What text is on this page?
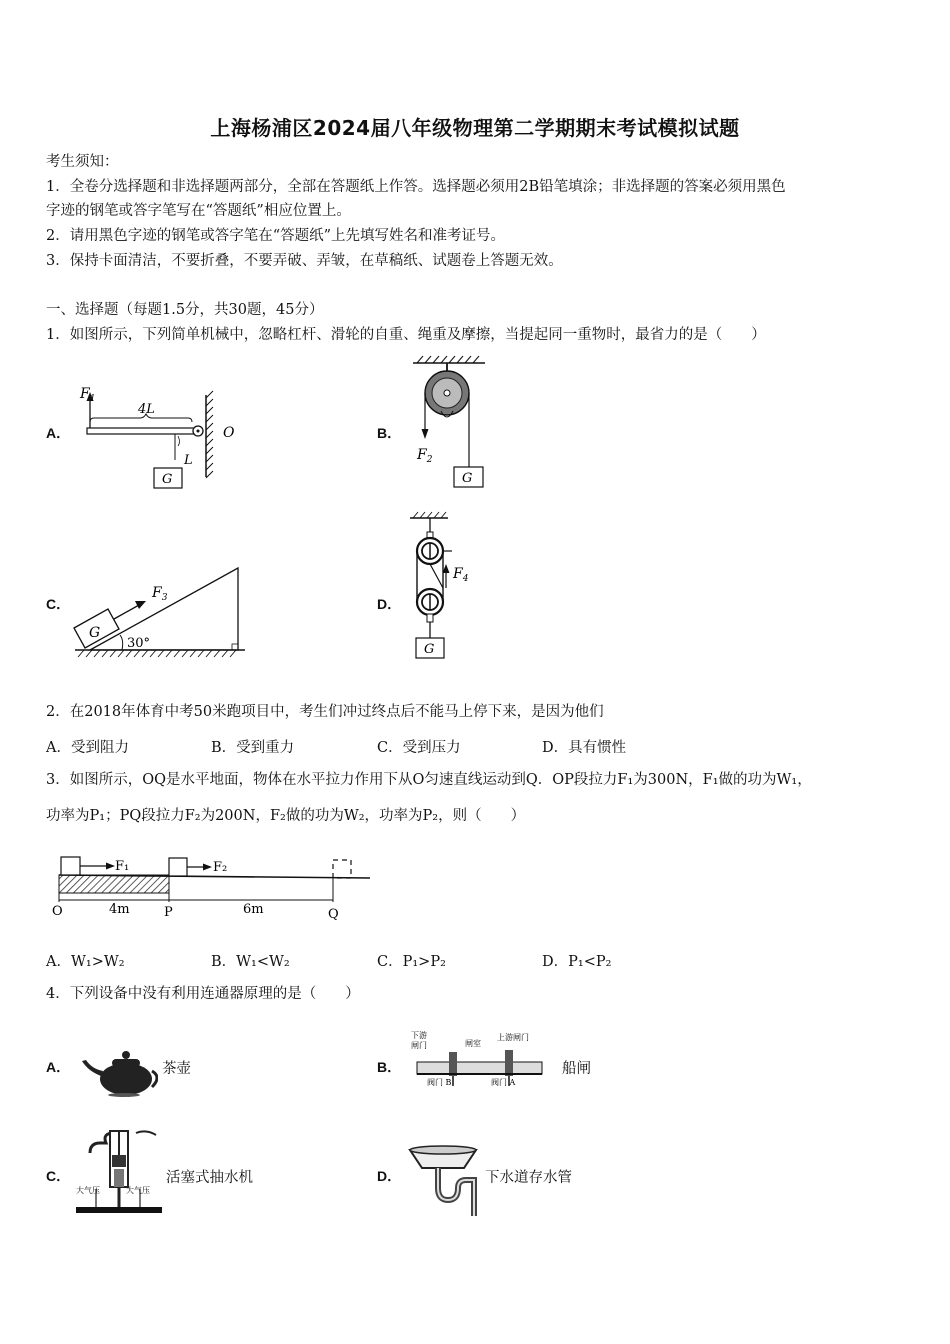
上海杨浦区2024届八年级物理第二学期期末考试模拟试题
考生须知：
1．全卷分选择题和非选择题两部分，全部在答题纸上作答。选择题必须用2B铅笔填涂；非选择题的答案必须用黑色
字迹的钢笔或答字笔写在“答题纸”相应位置上。
2．请用黑色字迹的钢笔或答字笔在“答题纸”上先填写姓名和准考证号。
3．保持卡面清洁，不要折叠，不要弄破、弄皱，在草稿纸、试题卷上答题无效。
一、选择题（每题1.5分，共30题，45分）
1．如图所示，下列简单机械中，忽略杠杆、滑轮的自重、绳重及摩擦，当提起同一重物时，最省力的是（　　）
A．	B．
C．	D．
$F_1$
4L
O
L
G
$F_2$
G
G
$F_3$
30°
$F_4$
G
2．在2018年体育中考50米跑项目中，考生们冲过终点后不能马上停下来，是因为他们
A．受到阻力	B．受到重力	C．受到压力	D．具有惯性
3．如图所示，OQ是水平地面，物体在水平拉力作用下从O匀速直线运动到Q．OP段拉力F₁为300N，F₁做的功为W₁，
功率为P₁；PQ段拉力F₂为200N，F₂做的功为W₂，功率为P₂，则（　　）
F₁	F₂
O	4m	P	6m	Q
A．W₁>W₂	B．W₁<W₂	C．P₁>P₂	D．P₁<P₂
4．下列设备中没有利用连通器原理的是（　　）
A．	茶壶	B．
下游
闸门	闸室
上游闸门
阀门 B	阀门 A
船闸
C．
大气压	大气压
活塞式抽水机	D．	下水道存水管
